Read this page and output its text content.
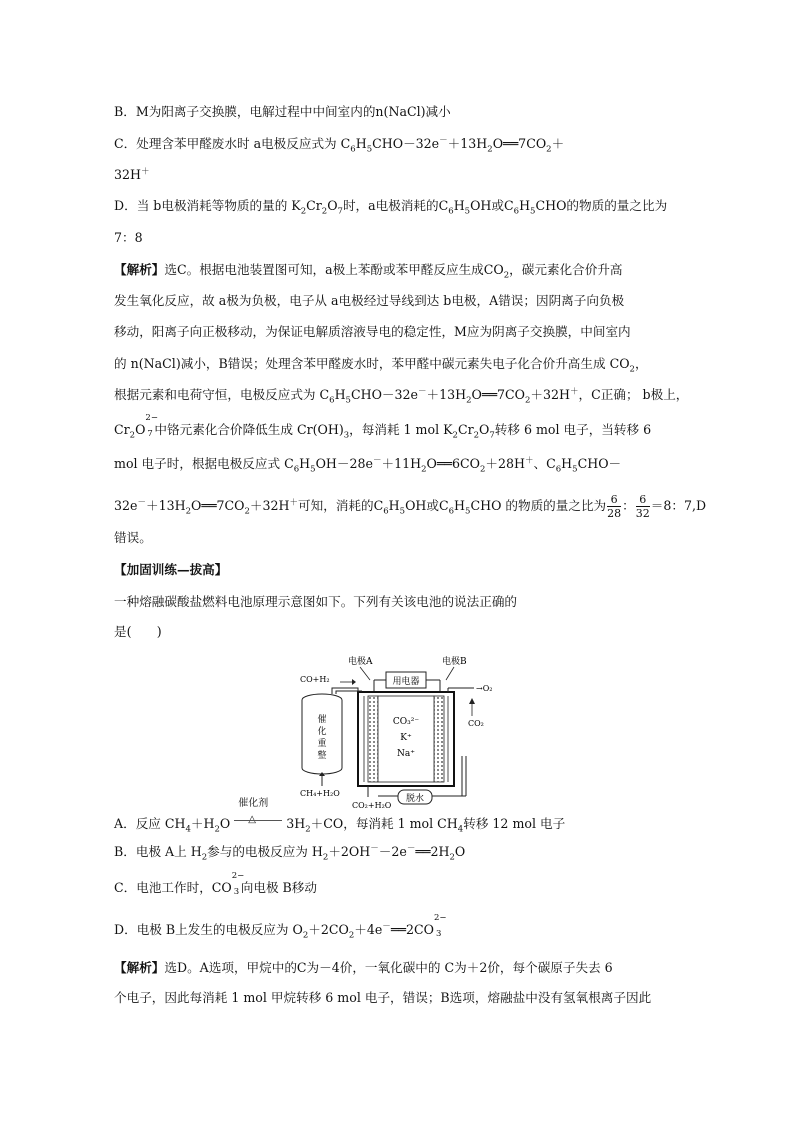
B．M为阳离子交换膜，电解过程中中间室内的n(NaCl)减小
C．处理含苯甲醛废水时 a电极反应式为 $C_6H_5CHO-32e^-+13H_2O══7CO_2+$
32H＋
D．当 b电极消耗等物质的量的 $K_2Cr_2O_7$时，a电极消耗的$C_6H_5OH$或$C_6H_5CHO$的物质的量之比为
7：8
【解析】选C。根据电池装置图可知，a极上苯酚或苯甲醛反应生成$CO_2$，碳元素化合价升高
发生氧化反应，故 a极为负极，电子从 a电极经过导线到达 b电极，A错误；因阴离子向负极
移动，阳离子向正极移动，为保证电解质溶液导电的稳定性，M应为阴离子交换膜，中间室内
的 n(NaCl)减小，B错误；处理含苯甲醛废水时，苯甲醛中碳元素失电子化合价升高生成 $CO_2$，
根据元素和电荷守恒，电极反应式为 $C_6H_5CHO-32e^-+13H_2O══7CO_2+32H^+$，C正确； b极上，
$Cr_2O$
2−
7 中铬元素化合价降低生成 $Cr(OH)_3$，每消耗 1 mol $K_2Cr_2O_7$转移 6 mol 电子，当转移 6
mol 电子时，根据电极反应式 $C_6H_5OH-28e^-+11H_2O══6CO_2+28H^+$、$C_6H_5CHO-$
$32e^-+13H_2O══7CO_2+32H^+$可知，消耗的$C_6H_5OH$或$C_6H_5CHO$ 的物质的量之比为 $\frac{6}{28}$ ： $\frac{6}{32} =8$：7,D
错误。
【加固训练—拔高】
一种熔融碳酸盐燃料电池原理示意图如下。下列有关该电池的说法正确的
是(　　)
电极A	电极B
用电器
CO₃²⁻
K⁺
Na⁺
催
化
重
整
CO+H₂
CH₄+H₂O
CO₂+H₂O
脱水
→O₂
CO₂
A．反应 $CH_4+H_2O$
催化剂
△ $3H_2+CO$，每消耗 1 mol $CH_4$转移 12 mol 电子
B．电极 A上 $H_2$参与的电极反应为 $H_2+2OH^--2e^-══2H_2O$
C．电池工作时，CO
2−
3 向电极 B移动
D．电极 B上发生的电极反应为 $O_2+2CO_2+4e^-══2CO$
2−
3
【解析】选D。A选项，甲烷中的C为－4价，一氧化碳中的 C为＋2价，每个碳原子失去 6
个电子，因此每消耗 1 mol 甲烷转移 6 mol 电子，错误；B选项，熔融盐中没有氢氧根离子因此
